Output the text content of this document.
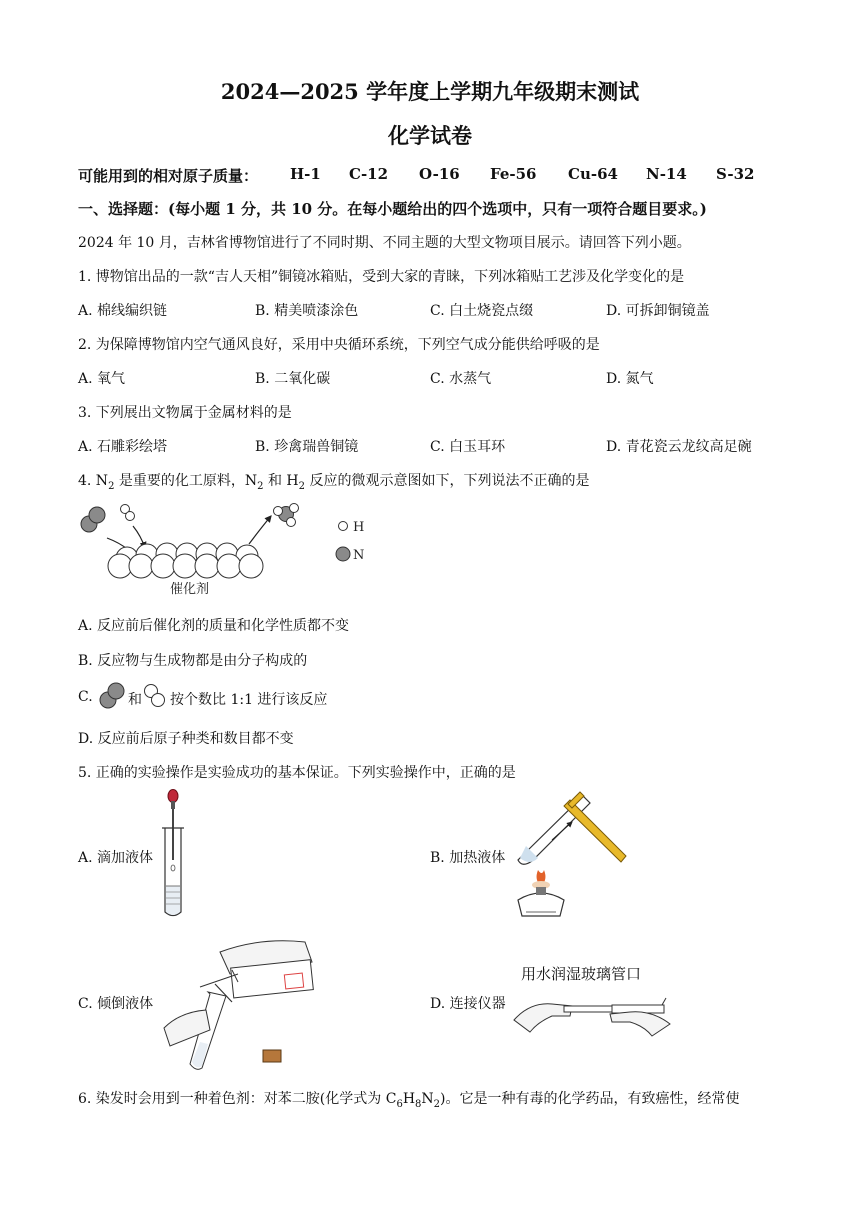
2024—2025 学年度上学期九年级期末测试
化学试卷
可能用到的相对原子质量： H-1 C-12 O-16 Fe-56 Cu-64 N-14 S-32
一、选择题：(每小题 1 分，共 10 分。在每小题给出的四个选项中，只有一项符合题目要求。)
2024 年 10 月，吉林省博物馆进行了不同时期、不同主题的大型文物项目展示。请回答下列小题。
1. 博物馆出品的一款“吉人天相”铜镜冰箱贴，受到大家的青睐，下列冰箱贴工艺涉及化学变化的是
A. 棉线编织链	B. 精美喷漆涂色	C. 白土烧瓷点缀	D. 可拆卸铜镜盖
2. 为保障博物馆内空气通风良好，采用中央循环系统，下列空气成分能供给呼吸的是
A. 氧气	B. 二氧化碳	C. 水蒸气	D. 氮气
3. 下列展出文物属于金属材料的是
A. 石雕彩绘塔	B. 珍禽瑞兽铜镜	C. 白玉耳环	D. 青花瓷云龙纹高足碗
4. $N_2$ 是重要的化工原料，$N_2$ 和 $H_2$ 反应的微观示意图如下，下列说法不正确的是
催化剂
H
N
A. 反应前后催化剂的质量和化学性质都不变
B. 反应物与生成物都是由分子构成的
C.	和 按个数比 1:1 进行该反应
D. 反应前后原子种类和数目都不变
5. 正确的实验操作是实验成功的基本保证。下列实验操作中，正确的是
A. 滴加液体	B. 加热液体
C. 倾倒液体	D. 连接仪器
用水润湿玻璃管口
6. 染发时会用到一种着色剂：对苯二胺(化学式为 $C_6H_8N_2$)。它是一种有毒的化学药品，有致癌性，经常使
